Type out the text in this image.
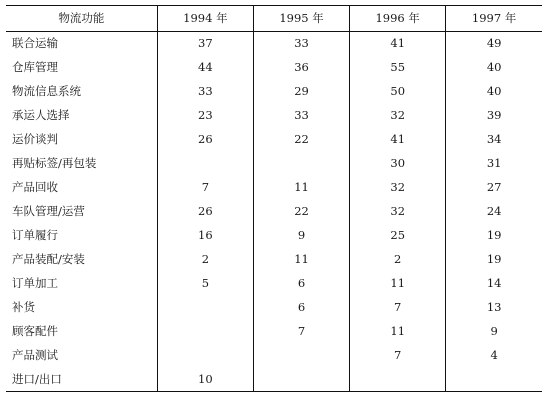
物流功能	1994 年	1995 年	1996 年	1997 年
联合运输	37	33	41	49
仓库管理	44	36	55	40
物流信息系统	33	29	50	40
承运人选择	23	33	32	39
运价谈判	26	22	41	34
再贴标签/再包装			30	31
产品回收	7	11	32	27
车队管理/运营	26	22	32	24
订单履行	16	9	25	19
产品装配/安装	2	11	2	19
订单加工	5	6	11	14
补货		6	7	13
顾客配件		7	11	9
产品测试			7	4
进口/出口	10			
